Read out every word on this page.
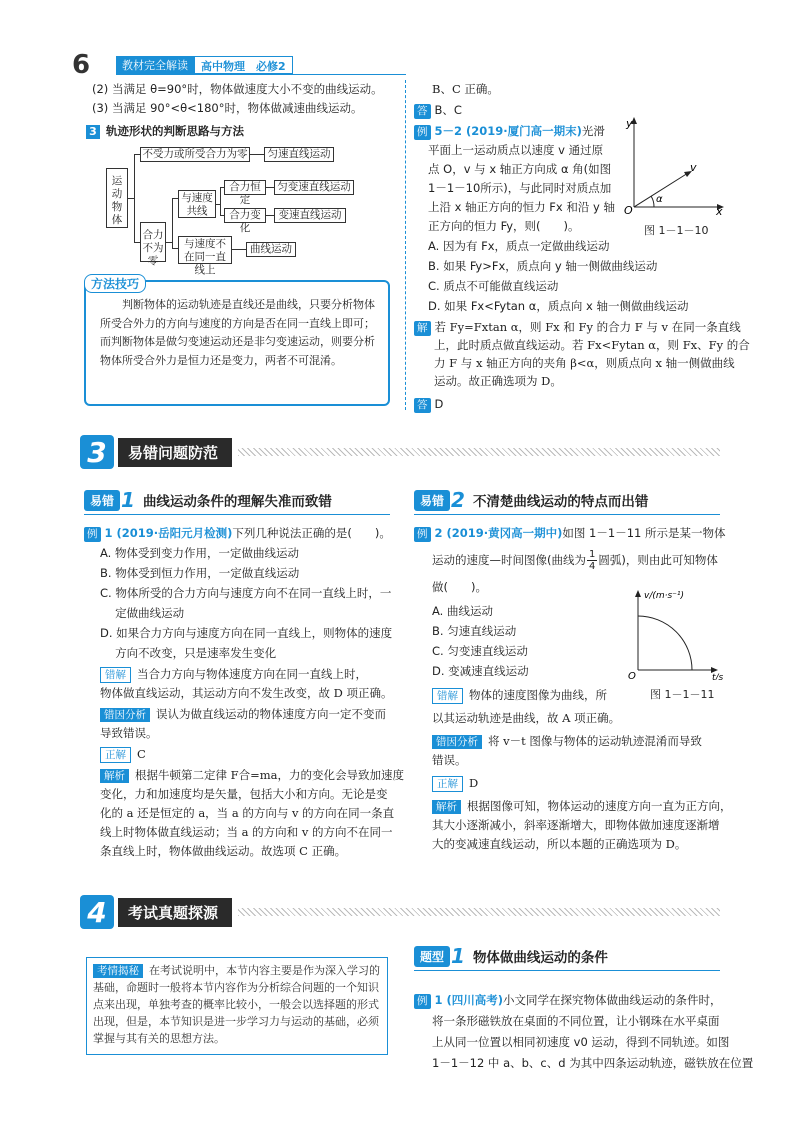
6	教材完全解读	高中物理　必修2
(2) 当满足 θ=90°时，物体做速度大小不变的曲线运动。
(3) 当满足 90°<θ<180°时，物体做减速曲线运动。
3 轨迹形状的判断思路与方法
运动物体
不受力或所受合力为零	匀速直线运动
合力不为零
与速度共线
合力恒定
合力变化
匀变速直线运动
变速直线运动
与速度不在同一直线上
曲线运动

判断物体的运动轨迹是直线还是曲线，只要分析物体所受合外力的方向与速度的方向是否在同一直线上即可；而判断物体是做匀变速运动还是非匀变速运动，则要分析物体所受合外力是恒力还是变力，两者不可混淆。

方法技巧
B、C 正确。
答 B、C
例 5－2 (2019·厦门高一期末)光滑
平面上一运动质点以速度 v 通过原
点 O，v 与 x 轴正方向成 α 角(如图
1－1－10所示)，与此同时对质点加
上沿 x 轴正方向的恒力 Fx 和沿 y 轴
正方向的恒力 Fy，则(　　)。
y
x
O
v
α
图 1－1－10
A. 因为有 Fx，质点一定做曲线运动
B. 如果 Fy>Fx，质点向 y 轴一侧做曲线运动
C. 质点不可能做直线运动
D. 如果 Fx<Fytan α，质点向 x 轴一侧做曲线运动
解 若 Fy=Fxtan α，则 Fx 和 Fy 的合力 F 与 v 在同一条直线
上，此时质点做直线运动。若 Fx<Fytan α，则 Fx、Fy 的合
力 F 与 x 轴正方向的夹角 β<α，则质点向 x 轴一侧做曲线
运动。故正确选项为 D。
答 D
3	易错问题防范
易错 1 曲线运动条件的理解失准而致错
例 1 (2019·岳阳元月检测)下列几种说法正确的是(　　)。
A. 物体受到变力作用，一定做曲线运动
B. 物体受到恒力作用，一定做直线运动
C. 物体所受的合力方向与速度方向不在同一直线上时，一
　 定做曲线运动
D. 如果合力方向与速度方向在同一直线上，则物体的速度
　 方向不改变，只是速率发生变化
错解 当合力方向与物体速度方向在同一直线上时，
物体做直线运动，其运动方向不发生改变，故 D 项正确。
错因分析 误认为做直线运动的物体速度方向一定不变而
导致错误。
正解 C
解析 根据牛顿第二定律 F合=ma，力的变化会导致加速度
变化，力和加速度均是矢量，包括大小和方向。无论是变
化的 a 还是恒定的 a，当 a 的方向与 v 的方向在同一条直
线上时物体做直线运动；当 a 的方向和 v 的方向不在同一
条直线上时，物体做曲线运动。故选项 C 正确。
易错 2 不清楚曲线运动的特点而出错
例 2 (2019·黄冈高一期中)如图 1－1－11 所示是某一物体
运动的速度—时间图像(曲线为 $\frac{1}{4}$ 圆弧)，则由此可知物体
做(　　)。
A. 曲线运动
B. 匀速直线运动
C. 匀变速直线运动
D. 变减速直线运动
v/(m·s⁻¹)
t/s
O
图 1－1－11
错解 物体的速度图像为曲线，所
以其运动轨迹是曲线，故 A 项正确。
错因分析 将 v－t 图像与物体的运动轨迹混淆而导致
错误。
正解 D
解析 根据图像可知，物体运动的速度方向一直为正方向，
其大小逐渐减小，斜率逐渐增大，即物体做加速度逐渐增
大的变减速直线运动，所以本题的正确选项为 D。
4	考试真题探源
考情揭秘 在考试说明中，本节内容主要是作为深入学习的基础，命题时一般将本节内容作为分析综合问题的一个知识点来出现，单独考查的概率比较小，一般会以选择题的形式出现，但是，本节知识是进一步学习力与运动的基础，必须掌握与其有关的思想方法。
题型 1 物体做曲线运动的条件
例 1 (四川高考)小文同学在探究物体做曲线运动的条件时，
将一条形磁铁放在桌面的不同位置，让小钢珠在水平桌面
上从同一位置以相同初速度 v0 运动，得到不同轨迹。如图
1－1－12 中 a、b、c、d 为其中四条运动轨迹，磁铁放在位置
